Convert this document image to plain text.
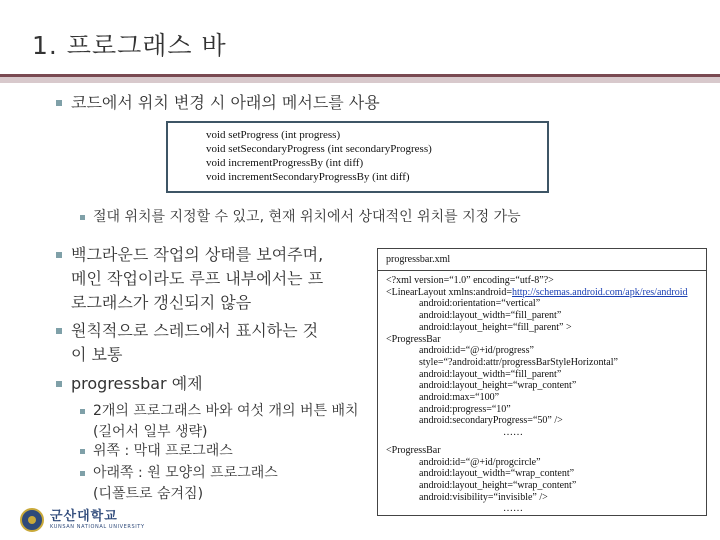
1. 프로그래스 바
코드에서 위치 변경 시 아래의 메서드를 사용
void setProgress (int progress)
void setSecondaryProgress (int secondaryProgress)
void incrementProgressBy (int diff)
void incrementSecondaryProgressBy (int diff)
절대 위치를 지정할 수 있고, 현재 위치에서 상대적인 위치를 지정 가능
백그라운드 작업의 상태를 보여주며,
메인 작업이라도 루프 내부에서는 프
로그래스가 갱신되지 않음
원칙적으로 스레드에서 표시하는 것
이 보통
progressbar 예제
2개의 프로그래스 바와 여섯 개의 버튼 배치
(길어서 일부 생략)
위쪽 : 막대 프로그래스
아래쪽 : 원 모양의 프로그래스
(디폴트로 숨겨짐)
progressbar.xml
<?xml version=“1.0” encoding=“utf-8”?>
<LinearLayout xmlns:android=http://schemas.android.com/apk/res/android
android:orientation=“vertical”
android:layout_width=“fill_parent”
android:layout_height=“fill_parent” >
<ProgressBar
android:id=“@+id/progress”
style=“?android:attr/progressBarStyleHorizontal”
android:layout_width=“fill_parent”
android:layout_height=“wrap_content”
android:max=“100”
android:progress=“10”
android:secondaryProgress=“50” />
……
<ProgressBar
android:id=“@+id/progcircle”
android:layout_width=“wrap_content”
android:layout_height=“wrap_content”
android:visibility=“invisible” />
……
군산대학교
KUNSAN NATIONAL UNIVERSITY
